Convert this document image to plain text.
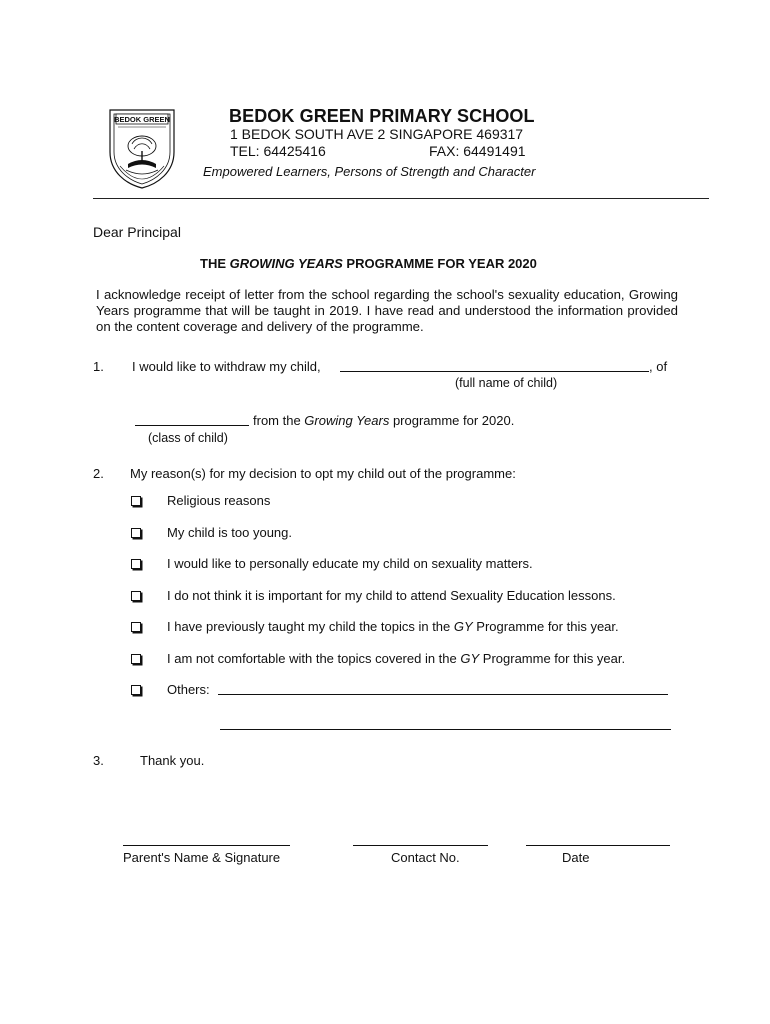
BEDOK GREEN	BEDOK GREEN PRIMARY SCHOOL
1 BEDOK SOUTH AVE 2 SINGAPORE 469317
TEL: 64425416	FAX: 64491491
Empowered Learners, Persons of Strength and Character
Dear Principal
THE GROWING YEARS PROGRAMME FOR YEAR 2020
I acknowledge receipt of letter from the school regarding the school's sexuality education, Growing Years programme that will be taught in 2019. I have read and understood the information provided on the content coverage and delivery of the programme.
1. I would like to withdraw my child,	, of
(full name of child)
from the Growing Years programme for 2020.
(class of child)
2. My reason(s) for my decision to opt my child out of the programme:
Religious reasons
My child is too young.
I would like to personally educate my child on sexuality matters.
I do not think it is important for my child to attend Sexuality Education lessons.
I have previously taught my child the topics in the GY Programme for this year.
I am not comfortable with the topics covered in the GY Programme for this year.
Others:
3.	Thank you.
Parent's Name & Signature	Contact No.	Date
